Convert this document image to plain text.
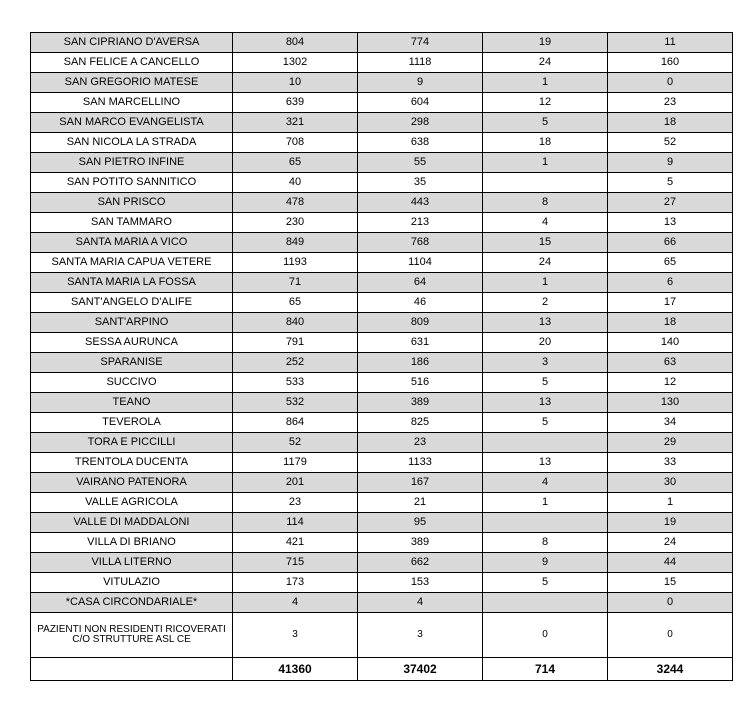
SAN CIPRIANO D'AVERSA	804	774	19	11
SAN FELICE A CANCELLO	1302	1118	24	160
SAN GREGORIO MATESE	10	9	1	0
SAN MARCELLINO	639	604	12	23
SAN MARCO EVANGELISTA	321	298	5	18
SAN NICOLA LA STRADA	708	638	18	52
SAN PIETRO INFINE	65	55	1	9
SAN POTITO SANNITICO	40	35		5
SAN PRISCO	478	443	8	27
SAN TAMMARO	230	213	4	13
SANTA MARIA A VICO	849	768	15	66
SANTA MARIA CAPUA VETERE	1193	1104	24	65
SANTA MARIA LA FOSSA	71	64	1	6
SANT'ANGELO D'ALIFE	65	46	2	17
SANT'ARPINO	840	809	13	18
SESSA AURUNCA	791	631	20	140
SPARANISE	252	186	3	63
SUCCIVO	533	516	5	12
TEANO	532	389	13	130
TEVEROLA	864	825	5	34
TORA E PICCILLI	52	23		29
TRENTOLA DUCENTA	1179	1133	13	33
VAIRANO PATENORA	201	167	4	30
VALLE AGRICOLA	23	21	1	1
VALLE DI MADDALONI	114	95		19
VILLA DI BRIANO	421	389	8	24
VILLA LITERNO	715	662	9	44
VITULAZIO	173	153	5	15
*CASA CIRCONDARIALE*	4	4		0
PAZIENTI NON RESIDENTI RICOVERATI C/O STRUTTURE ASL CE	3	3	0	0
	41360	37402	714	3244
